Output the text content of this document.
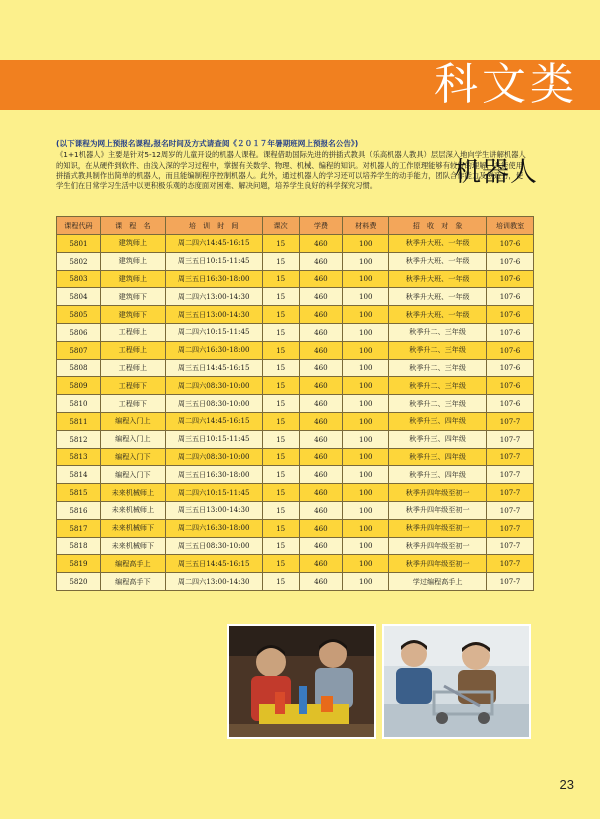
科文类
(以下课程为网上预报名课程,报名时间及方式请查阅《２０１７年暑期班网上预报名公告》)

《1+1机器人》主要是针对5-12周岁的儿童开设的机器人课程。课程借助国际先进的拼插式教具（乐高机器人教具）层层深入地向学生讲解机器人的知识，在从硬件到软件、由浅入深的学习过程中，掌握有关数学、物理、机械、编程的知识。对机器人的工作原理能够有较好的理解，并能使用拼插式教具制作出简单的机器人，而且能编制程序控制机器人。此外，通过机器人的学习还可以培养学生的动手能力，团队合作能力及创造力，使学生们在日常学习生活中以更积极乐观的态度面对困难、解决问题，培养学生良好的科学探究习惯。	机器人
课程代码	课　程　名	培　训　时　间	课次	学费	材料费	招　收　对　象	培训教室
5801	建筑师上	周二四六14:45-16:15	15	460	100	秋季升大班、一年级	107-6
5802	建筑师上	周三五日10:15-11:45	15	460	100	秋季升大班、一年级	107-6
5803	建筑师上	周三五日16:30-18:00	15	460	100	秋季升大班、一年级	107-6
5804	建筑师下	周二四六13:00-14:30	15	460	100	秋季升大班、一年级	107-6
5805	建筑师下	周三五日13:00-14:30	15	460	100	秋季升大班、一年级	107-6
5806	工程师上	周二四六10:15-11:45	15	460	100	秋季升二、三年级	107-6
5807	工程师上	周二四六16:30-18:00	15	460	100	秋季升二、三年级	107-6
5808	工程师上	周三五日14:45-16:15	15	460	100	秋季升二、三年级	107-6
5809	工程师下	周二四六08:30-10:00	15	460	100	秋季升二、三年级	107-6
5810	工程师下	周三五日08:30-10:00	15	460	100	秋季升二、三年级	107-6
5811	编程入门上	周二四六14:45-16:15	15	460	100	秋季升三、四年级	107-7
5812	编程入门上	周三五日10:15-11:45	15	460	100	秋季升三、四年级	107-7
5813	编程入门下	周二四六08:30-10:00	15	460	100	秋季升三、四年级	107-7
5814	编程入门下	周三五日16:30-18:00	15	460	100	秋季升三、四年级	107-7
5815	未来机械师上	周二四六10:15-11:45	15	460	100	秋季升四年级至初一	107-7
5816	未来机械师上	周三五日13:00-14:30	15	460	100	秋季升四年级至初一	107-7
5817	未来机械师下	周二四六16:30-18:00	15	460	100	秋季升四年级至初一	107-7
5818	未来机械师下	周三五日08:30-10:00	15	460	100	秋季升四年级至初一	107-7
5819	编程高手上	周三五日14:45-16:15	15	460	100	秋季升四年级至初一	107-7
5820	编程高手下	周二四六13:00-14:30	15	460	100	学过编程高手上	107-7
23
